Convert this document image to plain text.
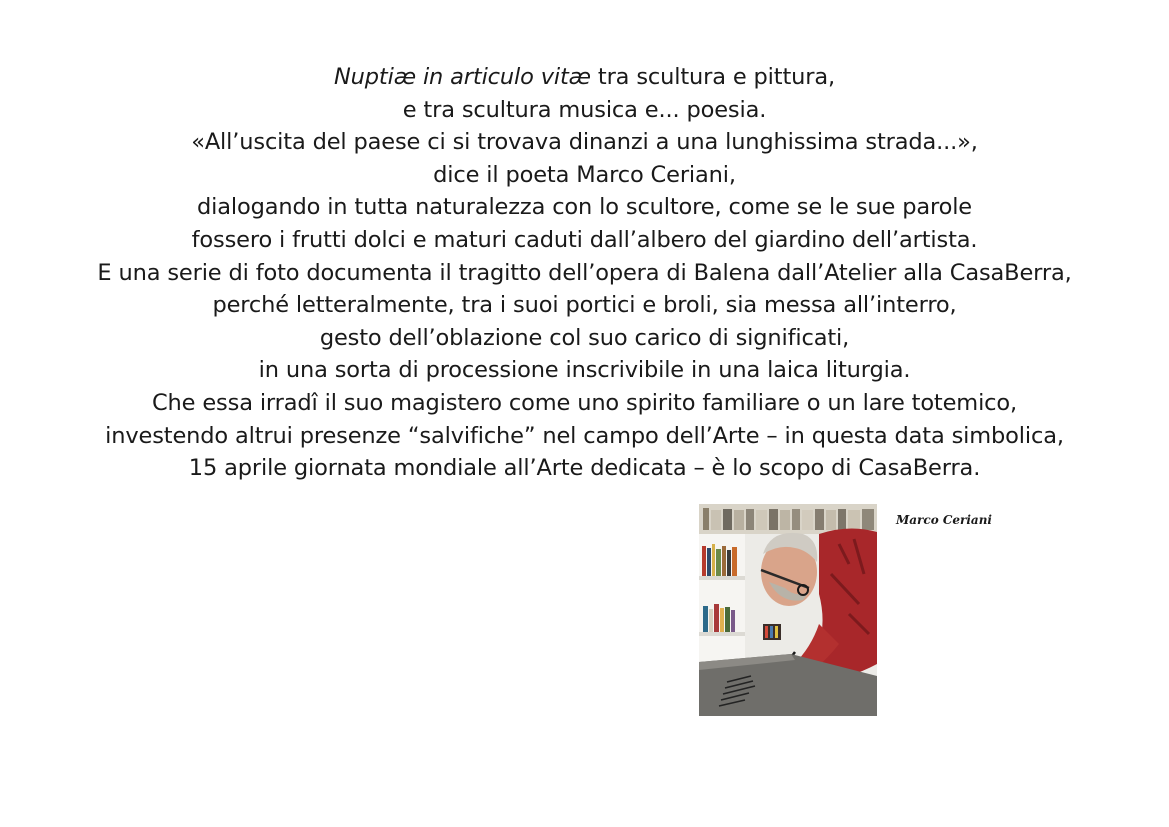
Nuptiæ in articulo vitæ tra scultura e pittura,
e tra scultura musica e... poesia.
«All’uscita del paese ci si trovava dinanzi a una lunghissima strada...»,
dice il poeta Marco Ceriani,
dialogando in tutta naturalezza con lo scultore, come se le sue parole
fossero i frutti dolci e maturi caduti dall’albero del giardino dell’artista.
E una serie di foto documenta il tragitto dell’opera di Balena dall’Atelier alla CasaBerra,
perché letteralmente, tra i suoi portici e broli, sia messa all’interro,
gesto dell’oblazione col suo carico di significati,
in una sorta di processione inscrivibile in una laica liturgia.
Che essa irradî il suo magistero come uno spirito familiare o un lare totemico,
investendo altrui presenze “salvifiche” nel campo dell’Arte – in questa data simbolica,
15 aprile giornata mondiale all’Arte dedicata – è lo scopo di CasaBerra.
Marco Ceriani
